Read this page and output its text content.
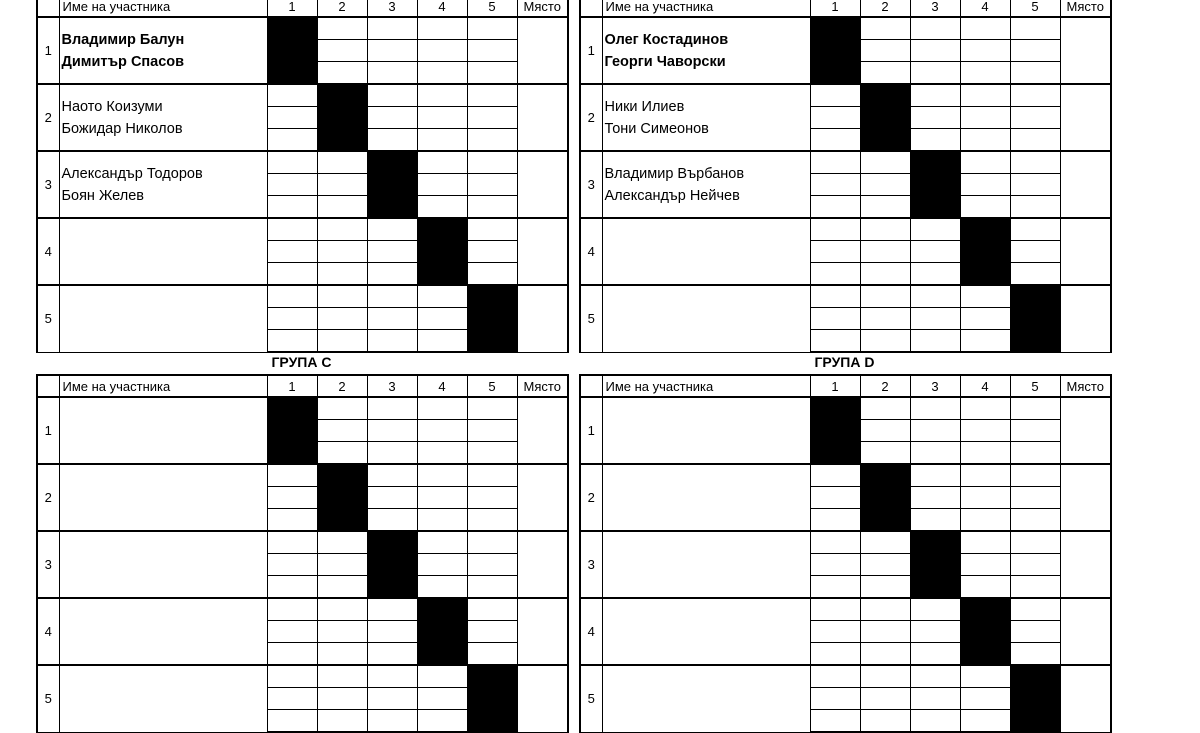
ГРУПА С	ГРУПА D
	Име на участника	1	2	3	4	5	Място
1	Владимир Балун
Димитър Спасов						

2	Наото Коизуми
Божидар Николов						

3	Александър Тодоров
Боян Желев						

4	

5	

	Име на участника	1	2	3	4	5	Място
1	Олег Костадинов
Георги Чаворски						

2	Ники Илиев
Тони Симеонов						

3	Владимир Върбанов
Александър Нейчев						

4	

5	

	Име на участника	1	2	3	4	5	Място
1	

2	

3	

4	

5	

	Име на участника	1	2	3	4	5	Място
1	

2	

3	

4	

5	
